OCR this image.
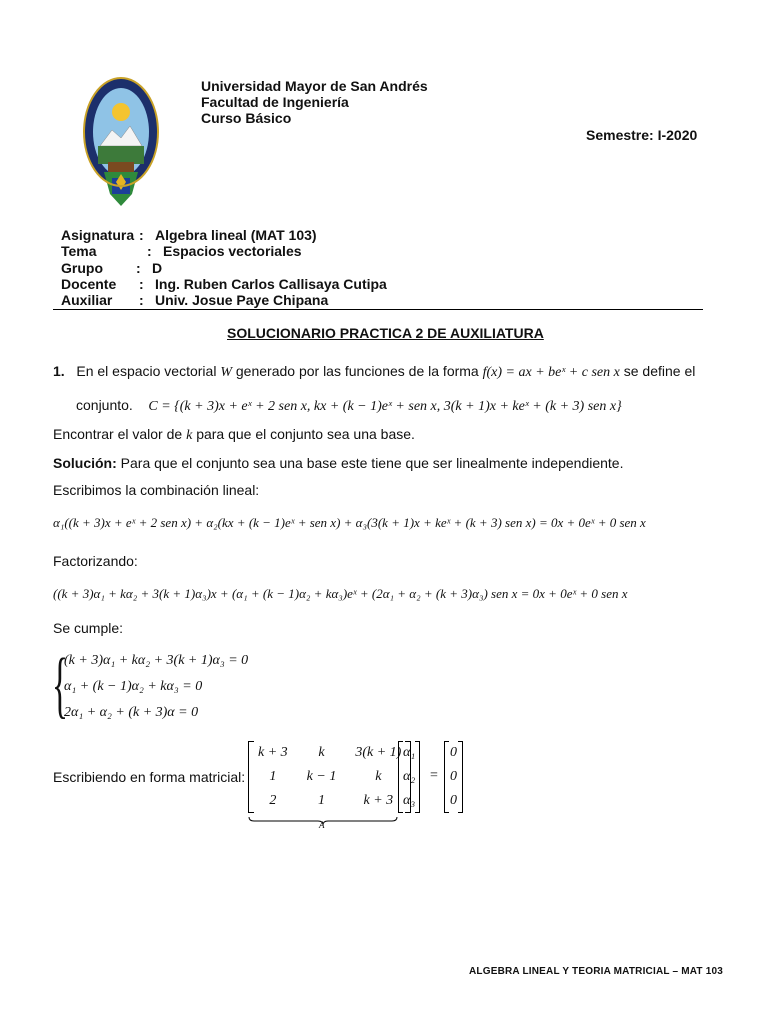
Universidad Mayor de San Andrés
Facultad de Ingeniería
Curso Básico
Semestre: I-2020
Asignatura : Algebra lineal (MAT 103)
Tema	: Espacios vectoriales
Grupo : D
Docente : Ing. Ruben Carlos Callisaya Cutipa
Auxiliar : Univ. Josue Paye Chipana
SOLUCIONARIO PRACTICA 2 DE AUXILIATURA
1. En el espacio vectorial W generado por las funciones de la forma f(x) = ax + beˣ + c sen x se define el
conjunto. C = {(k + 3)x + eˣ + 2 sen x, kx + (k − 1)eˣ + sen x, 3(k + 1)x + keˣ + (k + 3) sen x}
Encontrar el valor de k para que el conjunto sea una base.
Solución: Para que el conjunto sea una base este tiene que ser linealmente independiente.
Escribimos la combinación lineal:
α₁((k + 3)x + eˣ + 2 sen x) + α₂(kx + (k − 1)eˣ + sen x) + α₃(3(k + 1)x + keˣ + (k + 3) sen x) = 0x + 0eˣ + 0 sen x
Factorizando:
((k + 3)α₁ + kα₂ + 3(k + 1)α₃)x + (α₁ + (k − 1)α₂ + kα₃)eˣ + (2α₁ + α₂ + (k + 3)α₃) sen x = 0x + 0eˣ + 0 sen x
Se cumple:
{
(k + 3)α₁ + kα₂ + 3(k + 1)α₃ = 0
α₁ + (k − 1)α₂ + kα₃ = 0
2α₁ + α₂ + (k + 3)α = 0
Escribiendo en forma matricial:
k + 3	k	3(k + 1)
1	k − 1	k
2	1	k + 3
α₁
α₂
α₃
=
0
0
0
A
ALGEBRA LINEAL Y TEORIA MATRICIAL – MAT 103
